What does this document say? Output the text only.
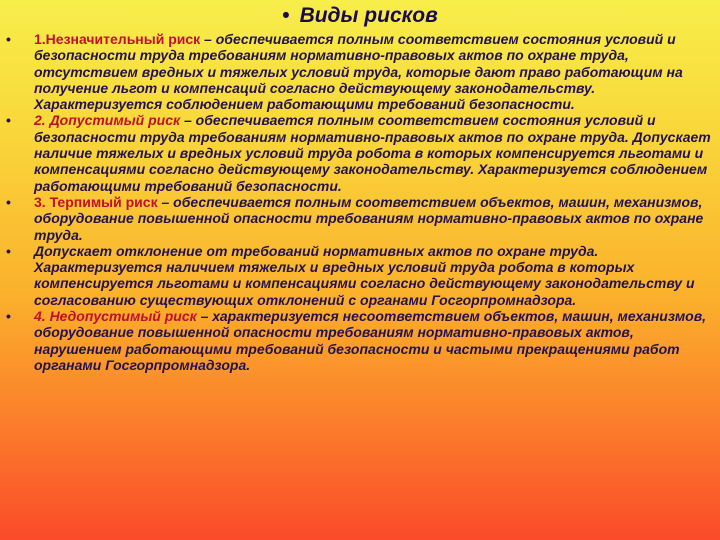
• Виды рисков
• 1.Незначительный риск – обеспечивается полным соответствием состояния условий и безопасности труда требованиям нормативно-правовых актов по охране труда, отсутствием вредных и тяжелых условий труда, которые дают право работающим на получение льгот и компенсаций согласно действующему законодательству. Характеризуется соблюдением работающими требований безопасности.
• 2. Допустимый риск – обеспечивается полным соответствием состояния условий и безопасности труда требованиям нормативно-правовых актов по охране труда. Допускает наличие тяжелых и вредных условий труда робота в которых компенсируется льготами и компенсациями согласно действующему законодательству. Характеризуется соблюдением работающими требований безопасности.
• 3. Терпимый риск – обеспечивается полным соответствием объектов, машин, механизмов, оборудование повышенной опасности требованиям нормативно-правовых актов по охране труда.
• Допускает отклонение от требований нормативных актов по охране труда. Характеризуется наличием тяжелых и вредных условий труда робота в которых компенсируется льготами и компенсациями согласно действующему законодательству и согласованию существующих отклонений с органами Госгорпромнадзора.
• 4. Недопустимый риск – характеризуется несоответствием объектов, машин, механизмов, оборудование повышенной опасности требованиям нормативно-правовых актов, нарушением работающими требований безопасности и частыми прекращениями работ органами Госгорпромнадзора.
